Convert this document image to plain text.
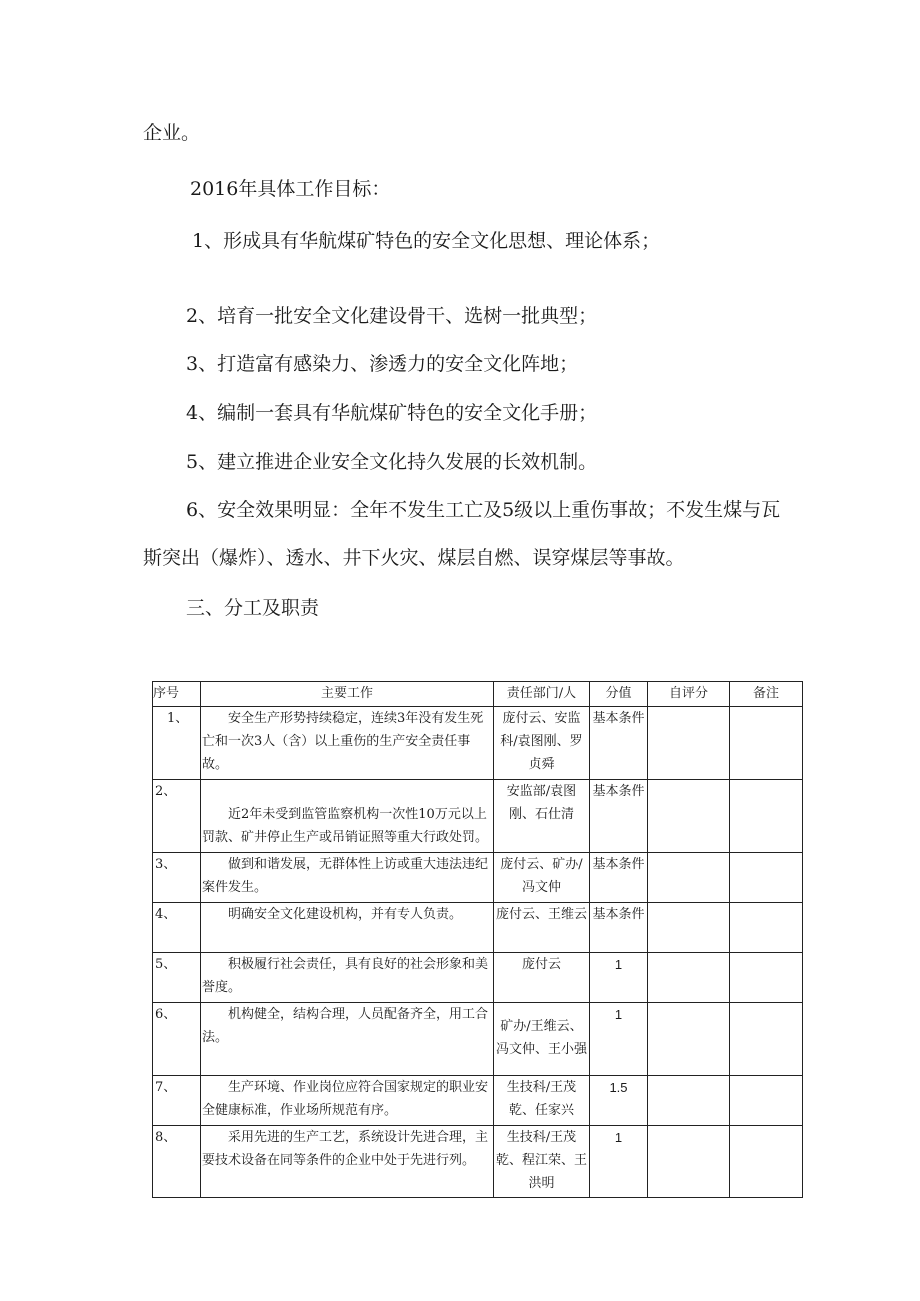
企业。

2016年具体工作目标：

1、形成具有华航煤矿特色的安全文化思想、理论体系；

2、培育一批安全文化建设骨干、选树一批典型；

3、打造富有感染力、渗透力的安全文化阵地；

4、编制一套具有华航煤矿特色的安全文化手册；

5、建立推进企业安全文化持久发展的长效机制。

6、安全效果明显：全年不发生工亡及5级以上重伤事故；不发生煤与瓦

斯突出（爆炸）、透水、井下火灾、煤层自燃、误穿煤层等事故。

三、分工及职责

序号	主要工作	责任部门/人	分值	自评分	备注
1、	安全生产形势持续稳定，连续3年没有发生死亡和一次3人（含）以上重伤的生产安全责任事故。	庞付云、安监科/袁图刚、罗贞舜	基本条件		
2、	近2年未受到监管监察机构一次性10万元以上罚款、矿井停止生产或吊销证照等重大行政处罚。	安监部/袁图刚、石仕清	基本条件		
3、	做到和谐发展，无群体性上访或重大违法违纪案件发生。	庞付云、矿办/冯文仲	基本条件		
4、	明确安全文化建设机构，并有专人负责。	庞付云、王维云	基本条件		
5、	积极履行社会责任，具有良好的社会形象和美誉度。	庞付云	1		
6、	机构健全，结构合理，人员配备齐全，用工合法。	矿办/王维云、冯文仲、王小强	1		
7、	生产环境、作业岗位应符合国家规定的职业安全健康标准，作业场所规范有序。	生技科/王茂乾、任家兴	1.5		
8、	采用先进的生产工艺，系统设计先进合理，主要技术设备在同等条件的企业中处于先进行列。	生技科/王茂乾、程江荣、王洪明	1		
